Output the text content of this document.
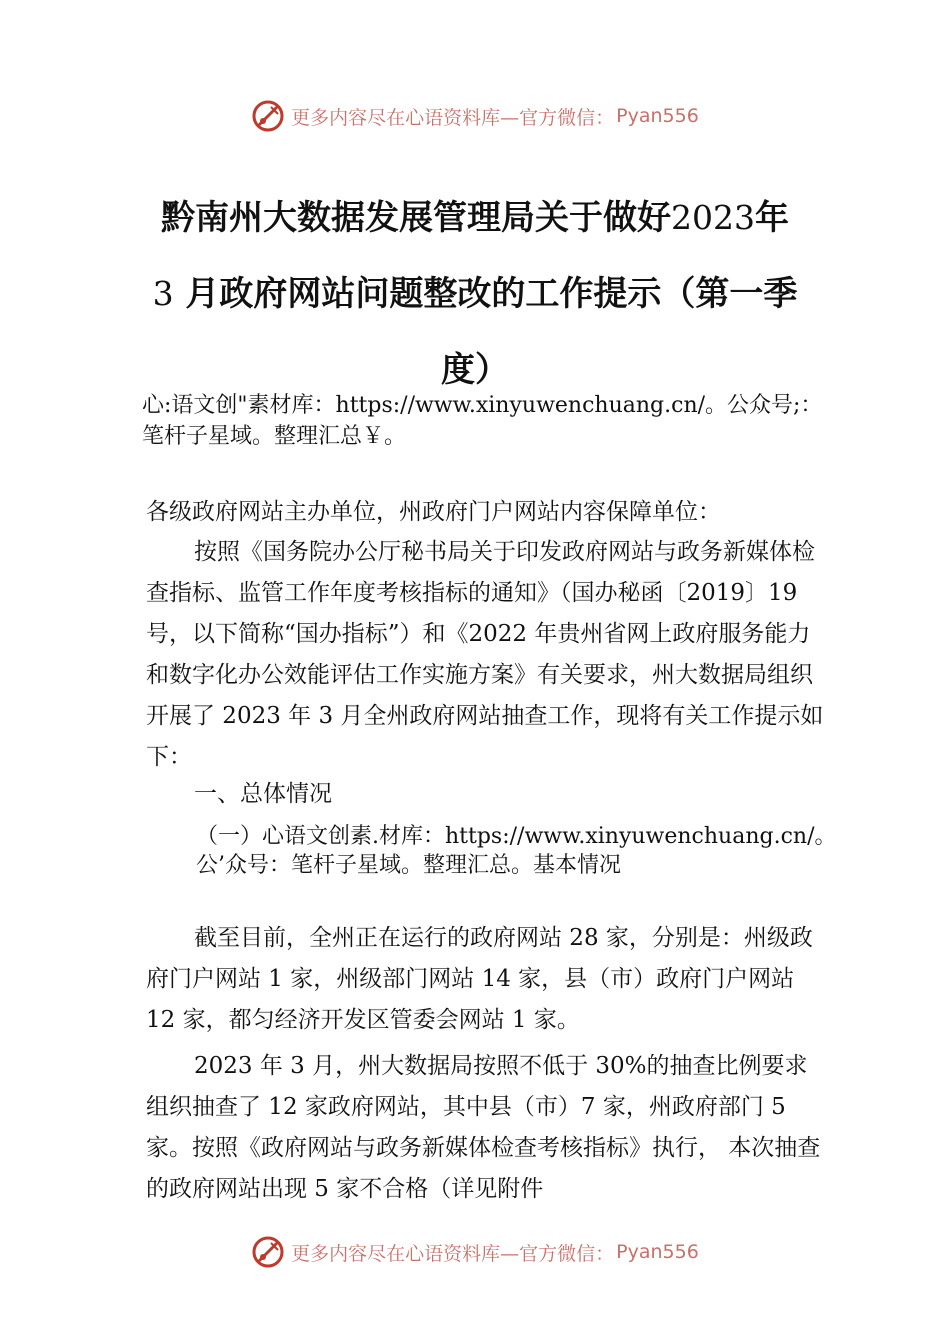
更多内容尽在心语资料库—官方微信： Pyan556
黔南州大数据发展管理局关于做好2023年
3 月政府网站问题整改的工作提示（第一季
度）
心:语文创"素材库：https://www.xinyuwenchuang.cn/。公众号;：笔杆子星域。整理汇总￥。

各级政府网站主办单位，州政府门户网站内容保障单位：

按照《国务院办公厅秘书局关于印发政府网站与政务新媒体检查指标、监管工作年度考核指标的通知》（国办秘函〔2019〕19 号，以下简称“国办指标”）和《2022 年贵州省网上政府服务能力和数字化办公效能评估工作实施方案》有关要求，州大数据局组织开展了 2023 年 3 月全州政府网站抽查工作，现将有关工作提示如下：

一、总体情况

（一）心语文创素.材库：https://www.xinyuwenchuang.cn/。公’众号：笔杆子星域。整理汇总。基本情况

截至目前，全州正在运行的政府网站 28 家，分别是：州级政府门户网站 1 家，州级部门网站 14 家，县（市）政府门户网站 12 家，都匀经济开发区管委会网站 1 家。

2023 年 3 月，州大数据局按照不低于 30%的抽查比例要求组织抽查了 12 家政府网站，其中县（市）7 家，州政府部门 5 家。按照《政府网站与政务新媒体检查考核指标》执行， 本次抽查的政府网站出现 5 家不合格（详见附件

更多内容尽在心语资料库—官方微信： Pyan556
